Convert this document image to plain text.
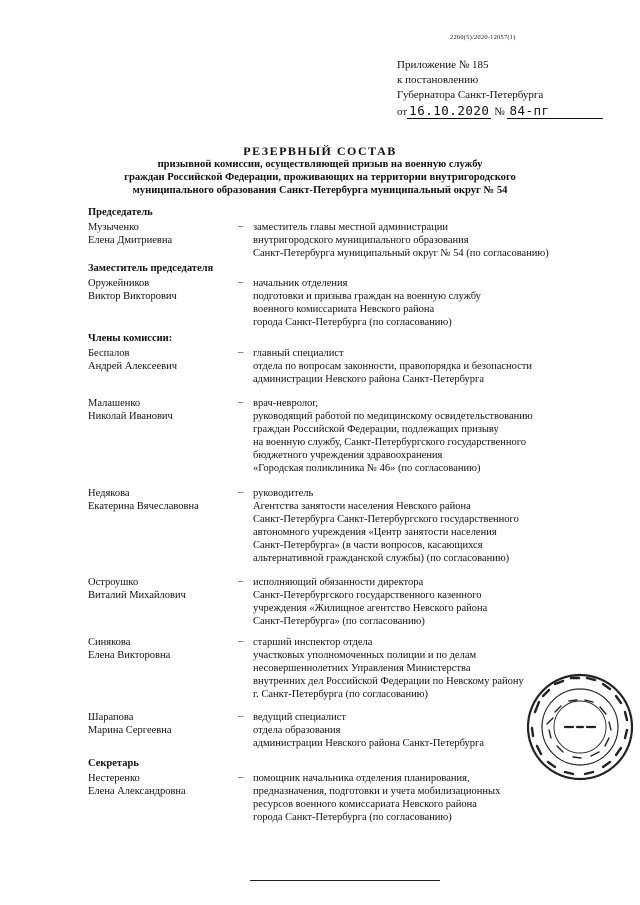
2260(5)/2020-12057(1)
Приложение № 185
к постановлению
Губернатора Санкт-Петербурга
от 16.10.2020 № 84-пг
РЕЗЕРВНЫЙ СОСТАВ
призывной комиссии, осуществляющей призыв на военную службу
граждан Российской Федерации, проживающих на территории внутригородского
муниципального образования Санкт-Петербурга муниципальный округ № 54
Председатель
Музыченко
Елена Дмитриевна
– заместитель главы местной администрации
внутригородского муниципального образования
Санкт-Петербурга муниципальный округ № 54 (по согласованию)
Заместитель председателя
Оружейников
Виктор Викторович
– начальник отделения
подготовки и призыва граждан на военную службу
военного комиссариата Невского района
города Санкт-Петербурга (по согласованию)
Члены комиссии:
Беспалов
Андрей Алексеевич
– главный специалист
отдела по вопросам законности, правопорядка и безопасности
администрации Невского района Санкт-Петербурга
Малашенко
Николай Иванович
– врач-невролог,
руководящий работой по медицинскому освидетельствованию
граждан Российской Федерации, подлежащих призыву
на военную службу, Санкт-Петербургского государственного
бюджетного учреждения здравоохранения
«Городская поликлиника № 46» (по согласованию)
Недякова
Екатерина Вячеславовна
– руководитель
Агентства занятости населения Невского района
Санкт-Петербурга Санкт-Петербургского государственного
автономного учреждения «Центр занятости населения
Санкт-Петербурга» (в части вопросов, касающихся
альтернативной гражданской службы) (по согласованию)
Остроушко
Виталий Михайлович
– исполняющий обязанности директора
Санкт-Петербургского государственного казенного
учреждения «Жилищное агентство Невского района
Санкт-Петербурга» (по согласованию)
Синякова
Елена Викторовна
– старший инспектор отдела
участковых уполномоченных полиции и по делам
несовершеннолетних Управления Министерства
внутренних дел Российской Федерации по Невскому району
г. Санкт-Петербурга (по согласованию)
Шарапова
Марина Сергеевна
– ведущий специалист
отдела образования
администрации Невского района Санкт-Петербурга
Секретарь
Нестеренко
Елена Александровна
– помощник начальника отделения планирования,
предназначения, подготовки и учета мобилизационных
ресурсов военного комиссариата Невского района
города Санкт-Петербурга (по согласованию)
